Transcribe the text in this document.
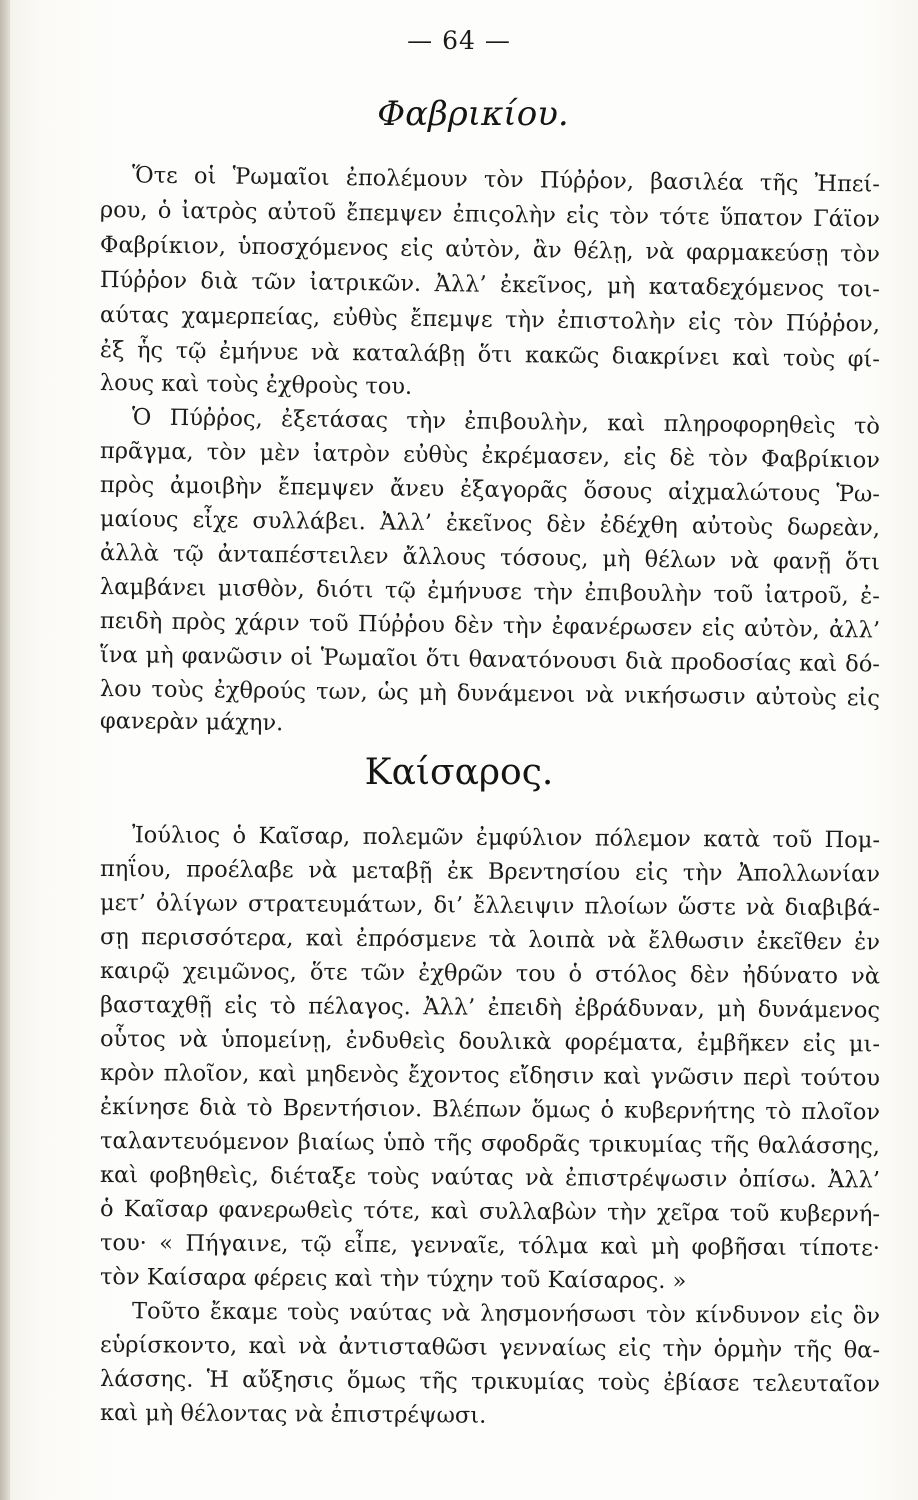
— 64 —
Φαβρικίου.
Ὅτε οἱ Ῥωμαῖοι ἐπολέμουν τὸν Πύῤῥον, βασιλέα τῆς Ἠπεί-
ρου, ὁ ἰατρὸς αὐτοῦ ἔπεμψεν ἐπιςολὴν εἰς τὸν τότε ὕπατον Γάϊον
Φαβρίκιον, ὑποσχόμενος εἰς αὐτὸν, ἂν θέλῃ, νὰ φαρμακεύσῃ τὸν
Πύῤῥον διὰ τῶν ἰατρικῶν. Ἀλλ’ ἐκεῖνος, μὴ καταδεχόμενος τοι-
αύτας χαμερπείας, εὐθὺς ἔπεμψε τὴν ἐπιστολὴν εἰς τὸν Πύῤῥον,
ἐξ ἧς τῷ ἐμήνυε νὰ καταλάβῃ ὅτι κακῶς διακρίνει καὶ τοὺς φί-
λους καὶ τοὺς ἐχθροὺς του.
Ὁ Πύῤῥος, ἐξετάσας τὴν ἐπιβουλὴν, καὶ πληροφορηθεὶς τὸ
πρᾶγμα, τὸν μὲν ἰατρὸν εὐθὺς ἐκρέμασεν, εἰς δὲ τὸν Φαβρίκιον
πρὸς ἀμοιβὴν ἔπεμψεν ἄνευ ἐξαγορᾶς ὅσους αἰχμαλώτους Ῥω-
μαίους εἶχε συλλάβει. Ἀλλ’ ἐκεῖνος δὲν ἐδέχθη αὐτοὺς δωρεὰν,
ἀλλὰ τῷ ἀνταπέστειλεν ἄλλους τόσους, μὴ θέλων νὰ φανῇ ὅτι
λαμβάνει μισθὸν, διότι τῷ ἐμήνυσε τὴν ἐπιβουλὴν τοῦ ἰατροῦ, ἐ-
πειδὴ πρὸς χάριν τοῦ Πύῤῥου δὲν τὴν ἐφανέρωσεν εἰς αὐτὸν, ἀλλ’
ἵνα μὴ φανῶσιν οἱ Ῥωμαῖοι ὅτι θανατόνουσι διὰ προδοσίας καὶ δό-
λου τοὺς ἐχθρούς των, ὡς μὴ δυνάμενοι νὰ νικήσωσιν αὐτοὺς εἰς
φανερὰν μάχην.
Καίσαρος.
Ἰούλιος ὁ Καῖσαρ, πολεμῶν ἐμφύλιον πόλεμον κατὰ τοῦ Πομ-
πηΐου, προέλαβε νὰ μεταβῇ ἐκ Βρεντησίου εἰς τὴν Ἀπολλωνίαν
μετ’ ὀλίγων στρατευμάτων, δι’ ἔλλειψιν πλοίων ὥστε νὰ διαβιβά-
σῃ περισσότερα, καὶ ἐπρόσμενε τὰ λοιπὰ νὰ ἔλθωσιν ἐκεῖθεν ἐν
καιρῷ χειμῶνος, ὅτε τῶν ἐχθρῶν του ὁ στόλος δὲν ἠδύνατο νὰ
βασταχθῇ εἰς τὸ πέλαγος. Ἀλλ’ ἐπειδὴ ἐβράδυναν, μὴ δυνάμενος
οὗτος νὰ ὑπομείνῃ, ἐνδυθεὶς δουλικὰ φορέματα, ἐμβῆκεν εἰς μι-
κρὸν πλοῖον, καὶ μηδενὸς ἔχοντος εἴδησιν καὶ γνῶσιν περὶ τούτου
ἐκίνησε διὰ τὸ Βρεντήσιον. Βλέπων ὅμως ὁ κυβερνήτης τὸ πλοῖον
ταλαντευόμενον βιαίως ὑπὸ τῆς σφοδρᾶς τρικυμίας τῆς θαλάσσης,
καὶ φοβηθεὶς, διέταξε τοὺς ναύτας νὰ ἐπιστρέψωσιν ὀπίσω. Ἀλλ’
ὁ Καῖσαρ φανερωθεὶς τότε, καὶ συλλαβὼν τὴν χεῖρα τοῦ κυβερνή-
του· « Πήγαινε, τῷ εἶπε, γενναῖε, τόλμα καὶ μὴ φοβῆσαι τίποτε·
τὸν Καίσαρα φέρεις καὶ τὴν τύχην τοῦ Καίσαρος. »
Τοῦτο ἔκαμε τοὺς ναύτας νὰ λησμονήσωσι τὸν κίνδυνον εἰς ὃν
εὑρίσκοντο, καὶ νὰ ἀντισταθῶσι γενναίως εἰς τὴν ὁρμὴν τῆς θα-
λάσσης. Ἡ αὔξησις ὅμως τῆς τρικυμίας τοὺς ἐβίασε τελευταῖον
καὶ μὴ θέλοντας νὰ ἐπιστρέψωσι.
